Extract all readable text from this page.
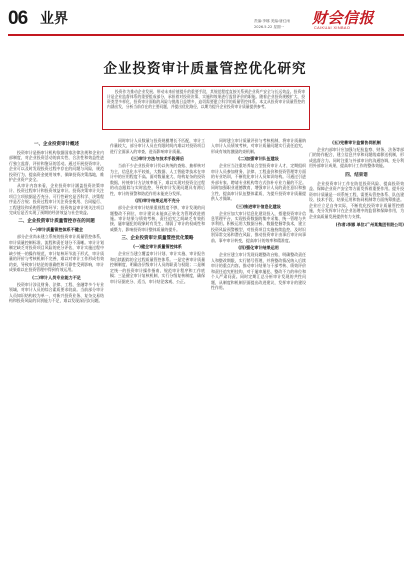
06 业界	责编:李娜 美编:唐红雨
2026.5.22 星期一 财会信报
CAIKUAI XINBAO
企业投资审计质量管控优化研究

投资作为推动企业发展、带动未来价值提升的重要手段，其规范程度直接关系到企业资产安全与长远效益。投资审计是企业监督体系的重要组成部分，承担着对投资决策、实施和效果进行监督评价的职能。随着企业投资规模扩大、投资类型多样化，投资审计面临的风险与挑战日益增多，迫切需要建立科学的质量管控体系。本文从投资审计质量管控的内涵出发，分析当前存在的主要问题，并提出优化路径，以期为提升企业投资审计质量提供参考。

一、企业投资审计概述

投资审计是指审计机构依据国家法律法规和企业内部制度，对企业投资活动的真实性、合法性和效益性进行独立监督、评价和鉴证的活动。通过开展投资审计，企业可以及时发现投资过程中存在的问题与风险，规范投资行为，提高资金使用效率，保障投资决策落地，维护企业资产安全。

从审计内容来看，企业投资审计涵盖投资决策审计、投资过程审计和投资效益审计。投资决策审计关注项目立项依据是否充分、可行性研究是否科学、决策程序是否合规；投资过程审计关注资金使用、合同履行、工程建设和采购管理等环节；投资效益审计则关注项目完成后是否实现了预期的经济效益与社会效益。

二、企业投资审计质量管控存在的问题
(一)审计质量管控体系不健全

部分企业尚未建立系统的投资审计质量管控体系，审计质量控制标准、流程和责任划分不清晰。审计计划制定缺乏对投资项目风险的充分评估，审计实施过程中缺少统一的操作规范，审计复核环节流于形式，审计质量的评价与考核机制不完善，难以对审计工作形成有效约束，导致审计结论的准确性和可靠性受到影响，审计成果难以在投资管理中得到有效运用。

(二)审计人员专业能力不足

投资审计涉及财务、法律、工程、金融等多个专业领域，对审计人员的综合素质要求较高。当前部分审计人员知识结构较为单一，对新兴投资业务、复杂交易结构和投资风险的识别能力不足，难以发现深层次问题。

同时审计人员数量与投资规模增长不匹配，审计工作量较大，部分审计人员在有限时间内难以对投资项目进行全面深入的审查，进而影响审计质量。

(三)审计方法与技术手段滞后

当前不少企业投资审计仍以传统的查账、抽样核对为主，信息化水平较低，大数据、人工智能等技术在审计中的应用程度不高。面对数量庞大、结构复杂的投资数据，传统审计方法效率低下，难以实现对投资全过程的动态跟踪与实时监控，导致审计发现问题具有滞后性，审计的预警和防范作用未能充分发挥。

(四)审计结果运用不充分

部分企业对审计结果重视程度不够，审计发现的问题整改不到位，审计建议未能真正转化为管理改进措施。审计结果与绩效考核、责任追究之间缺乏有效衔接，屡审屡犯的现象时有发生，削弱了审计的权威性和威慑力，影响投资审计整体质量的提升。

三、企业投资审计质量管控优化策略
(一)健全审计质量管控体系

企业应当建立覆盖审计计划、审计实施、审计报告和后续跟踪的全过程质量管控体系。一是完善审计质量控制制度，明确各层级审计人员的职责与权限；二是制定统一的投资审计操作指南，规范审计程序和工作底稿；三是健全审计复核机制，实行分级复核制度，确保审计证据充分、适当，审计结论客观、公正。

同时建立审计质量评价与考核机制，将审计质量纳入审计人员绩效考核，对审计质量问题实行责任追究，形成有效的激励约束机制。

(二)加强审计队伍建设

企业应当注重培养复合型投资审计人才，定期组织审计人员参加财务、法律、工程造价和投资管理等方面的专业培训，不断优化审计人员知识结构。可通过引进外部专家、聘请专业机构等方式弥补专业力量的不足。同时加强职业道德教育，增强审计人员的责任意识和独立性，提高审计队伍整体素质，为提升投资审计质量提供人才保障。

(三)推进审计信息化建设

企业应加大审计信息化建设投入，搭建投资审计信息管理平台，实现投资数据的集中采集、统一管理与共享利用。积极运用大数据分析、数据挖掘等技术，建立投资风险预警模型，对投资项目实施持续监控，及时识别异常交易和潜在风险，推动投资审计由事后审计向事前、事中审计转变，提高审计的效率和精准度。

(四)强化审计结果运用

企业应建立审计发现问题整改台账，明确整改责任人和整改期限，实行销号管理，并将整改情况纳入后续审计的重点内容。推动审计结果与干部考核、绩效评价和责任追究相挂钩，对于屡审屡犯、整改不力的单位和个人严肃问责。同时定期汇总分析审计发现的共性问题，从制度和机制层面提出改进建议，发挥审计的建设性作用。

(五)完善审计监督协同机制

企业内部审计应加强与纪检监察、财务、法务等部门的协作配合，建立信息共享和问题线索移送机制，形成监督合力。同时注重与外部审计的沟通协调，充分利用外部审计成果，提高审计工作的整体效能。

四、结束语

企业投资审计工作在防范投资风险、提高投资效益、保障企业资产安全等方面发挥着重要作用。提升投资审计质量是一项系统工程，需要从管控体系、队伍建设、技术手段、结果运用和协同机制等方面统筹推进。企业应立足自身实际，不断优化投资审计质量管控措施，充分发挥审计在企业治理中的监督和保障作用，为企业高质量发展提供有力支撑。

(作者:李娜 单位:广州某集团有限公司)
